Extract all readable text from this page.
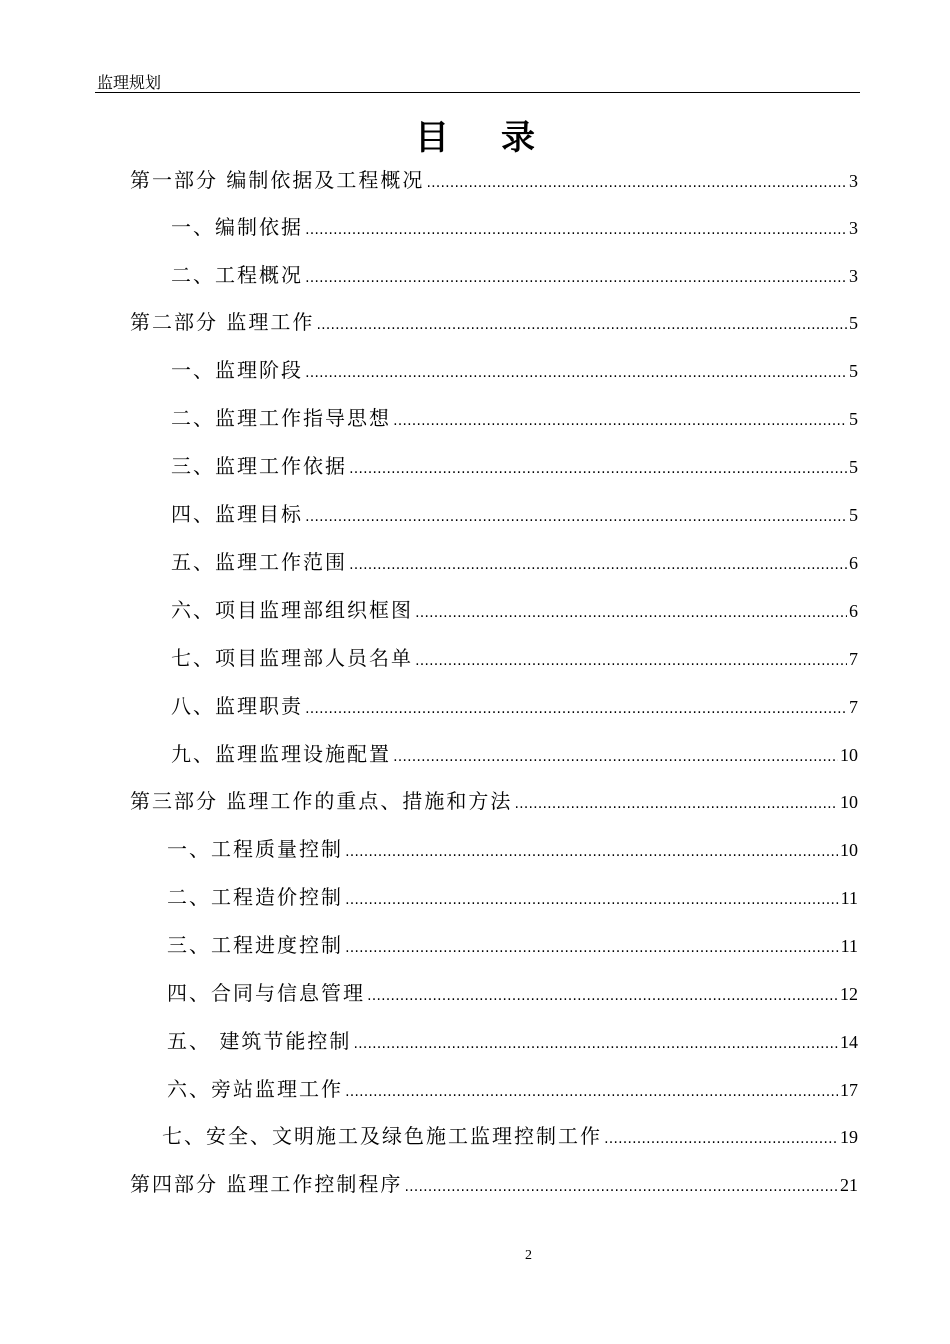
监理规划
目录
第一部分 编制依据及工程概况 ……………………………………………………………………………………………………………………………………………………………………	3
一、编制依据 ……………………………………………………………………………………………………………………………………………………………………	3
二、工程概况 ……………………………………………………………………………………………………………………………………………………………………	3
第二部分 监理工作 ……………………………………………………………………………………………………………………………………………………………………	5
一、监理阶段 ……………………………………………………………………………………………………………………………………………………………………	5
二、监理工作指导思想 ……………………………………………………………………………………………………………………………………………………………………	5
三、监理工作依据 ……………………………………………………………………………………………………………………………………………………………………	5
四、监理目标 ……………………………………………………………………………………………………………………………………………………………………	5
五、监理工作范围 ……………………………………………………………………………………………………………………………………………………………………	6
六、项目监理部组织框图 ……………………………………………………………………………………………………………………………………………………………………	6
七、项目监理部人员名单 ……………………………………………………………………………………………………………………………………………………………………	7
八、监理职责 ……………………………………………………………………………………………………………………………………………………………………	7
九、监理监理设施配置 ……………………………………………………………………………………………………………………………………………………………………	10
第三部分 监理工作的重点、措施和方法 ……………………………………………………………………………………………………………………………………………………………………	10
一、工程质量控制 ……………………………………………………………………………………………………………………………………………………………………	10
二、工程造价控制 ……………………………………………………………………………………………………………………………………………………………………	11
三、工程进度控制 ……………………………………………………………………………………………………………………………………………………………………	11
四、合同与信息管理 ……………………………………………………………………………………………………………………………………………………………………	12
五、 建筑节能控制 ……………………………………………………………………………………………………………………………………………………………………	14
六、旁站监理工作 ……………………………………………………………………………………………………………………………………………………………………	17
七、安全、文明施工及绿色施工监理控制工作 ……………………………………………………………………………………………………………………………………………………………………	19
第四部分 监理工作控制程序 ……………………………………………………………………………………………………………………………………………………………………	21
2
